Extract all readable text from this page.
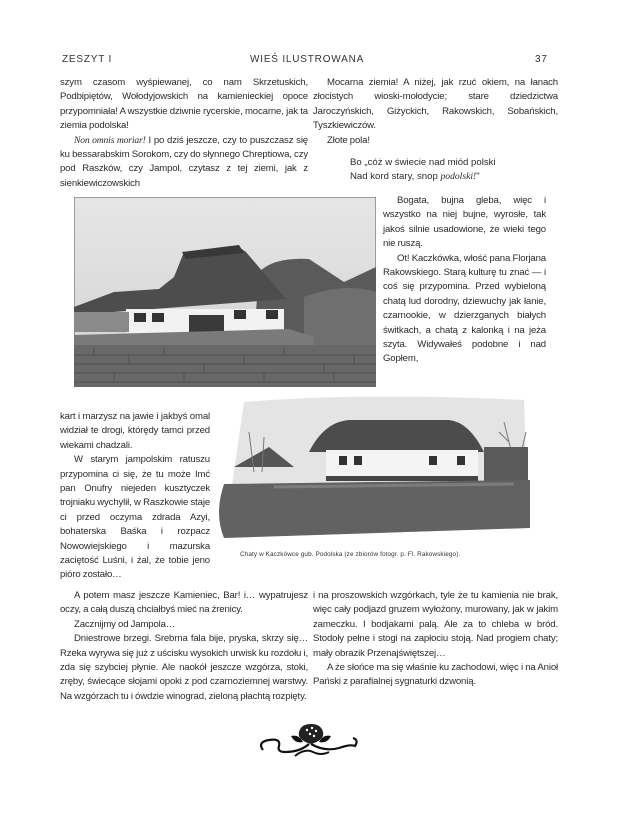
ZESZYT I	WIEŚ ILUSTROWANA	37

szym czasom wyśpiewanej, co nam Skrzetuskich, Podbipiętów, Wołodyjowskich na kamienieckiej opoce przypomniała! A wszystkie dziwnie rycerskie, mocarne, jak ta ziemia podolska!

Non omnis moriar! I po dziś jeszcze, czy to puszczasz się ku bessarabskim Sorokom, czy do słynnego Chreptiowa, czy pod Raszków, czy Jampol, czytasz z tej ziemi, jak z sienkiewiczowskich

Mocarna ziemia! A niżej, jak rzuć okiem, na łanach złocistych wioski-mołodycie; stare dziedzictwa Jaroczyńskich, Giżyckich, Rakowskich, Sobańskich, Tyszkiewiczów.

Złote pola!

Bo „cóż w świecie nad miód polski
Nad kord stary, snop podolski!"

Bogata, bujna gleba, więc i wszystko na niej bujne, wyrosłe, tak jakoś silnie usadowione, że wieki tego nie ruszą.

Ot! Kaczkówka, włość pana Florjana Rakowskiego. Starą kulturę tu znać — i coś się przypomina. Przed wybieloną chatą lud dorodny, dziewuchy jak łanie, czarnookie, w dzierzganych białych świtkach, a chatą z kalonką i na jeża szyta. Widywałeś podobne i nad Gopłem,

kart i marzysz na jawie i jakbyś omal widział te drogi, którędy tamci przed wiekami chadzali.

W starym jampolskim ratuszu przypomina ci się, że tu może Imć pan Onufry niejeden kusztyczek trojniaku wychylił, w Raszkowie staje ci przed oczyma zdrada Azyi, bohaterska Baśka i rozpacz Nowowiejskiego i mazurska zaciętość Luśni, i żal, że tobie jeno pióro zostało…

Chaty w Kaczkówce gub. Podolska (ze zbiorów fotogr. p. Fl. Rakowskiego).

A potem masz jeszcze Kamieniec, Bar! i… wypatrujesz oczy, a całą duszą chciałbyś mieć na źrenicy.

Zacznijmy od Jampola…

Dniestrowe brzegi. Srebrna fala bije, pryska, skrzy się… Rzeka wyrywa się już z uścisku wysokich urwisk ku rozdołu i, zda się szybciej płynie. Ale naokół jeszcze wzgórza, stoki, zręby, świecące słojami opoki z pod czarnoziemnej warstwy. Na wzgórzach tu i ówdzie winograd, zieloną płachtą rozpięty.

i na proszowskich wzgórkach, tyle że tu kamienia nie brak, więc cały podjazd gruzem wyłożony, murowany, jak w jakim zameczku. I bodjakami palą. Ale za to chleba w bród. Stodoły pełne i stogi na zapłociu stoją. Nad progiem chaty; mały obrazik Przenajświętszej…

A że słońce ma się właśnie ku zachodowi, więc i na Anioł Pański z parafialnej sygnaturki dzwonią.
